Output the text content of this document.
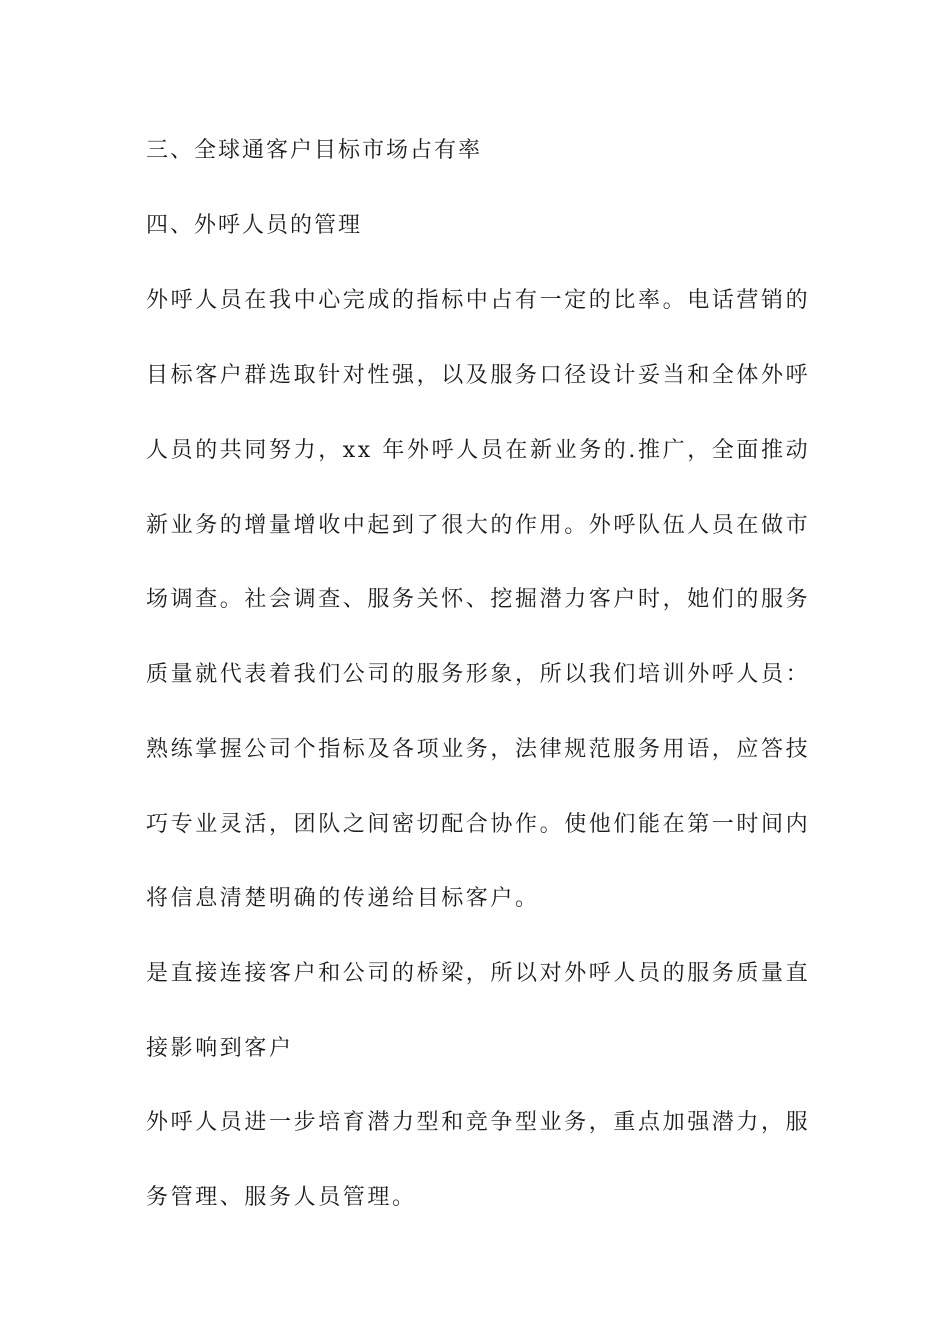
三、全球通客户目标市场占有率
四、外呼人员的管理
外呼人员在我中心完成的指标中占有一定的比率。电话营销的
目标客户群选取针对性强，以及服务口径设计妥当和全体外呼
人员的共同努力，xx 年外呼人员在新业务的.推广，全面推动
新业务的增量增收中起到了很大的作用。外呼队伍人员在做市
场调查。社会调查、服务关怀、挖掘潜力客户时，她们的服务
质量就代表着我们公司的服务形象，所以我们培训外呼人员：
熟练掌握公司个指标及各项业务，法律规范服务用语，应答技
巧专业灵活，团队之间密切配合协作。使他们能在第一时间内
将信息清楚明确的传递给目标客户。
是直接连接客户和公司的桥梁，所以对外呼人员的服务质量直
接影响到客户
外呼人员进一步培育潜力型和竞争型业务，重点加强潜力，服
务管理、服务人员管理。
